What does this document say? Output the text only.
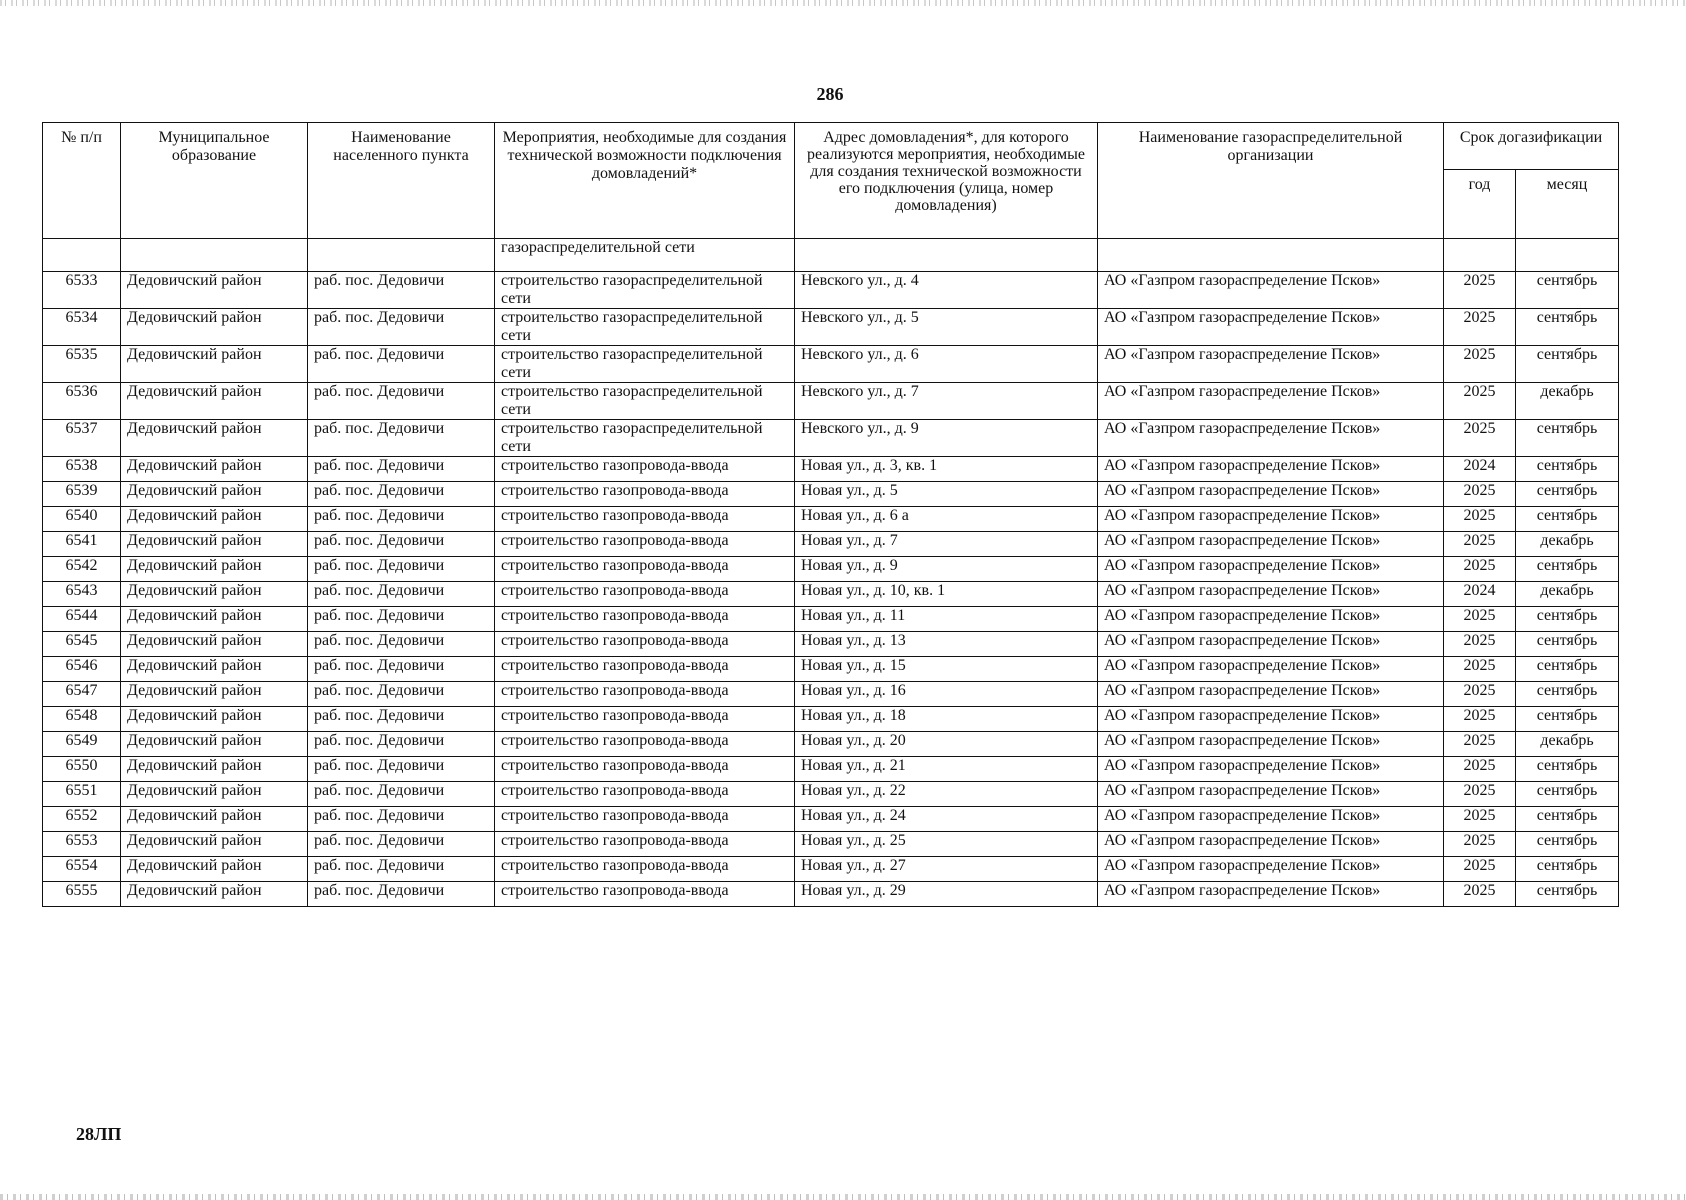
286
№ п/п	Муниципальное образование	Наименование населенного пункта	Мероприятия, необходимые для создания технической возможности подключения домовладений*	Адрес домовладения*, для которого реализуются мероприятия, необходимые для создания технической возможности его подключения (улица, номер домовладения)	Наименование газораспределительной организации	Срок догазификации	
						год	месяц
			газораспределительной сети				
6533	Дедовичский район	раб. пос. Дедовичи	строительство газораспределительной сети	Невского ул., д. 4	АО «Газпром газораспределение Псков»	2025	сентябрь
6534	Дедовичский район	раб. пос. Дедовичи	строительство газораспределительной сети	Невского ул., д. 5	АО «Газпром газораспределение Псков»	2025	сентябрь
6535	Дедовичский район	раб. пос. Дедовичи	строительство газораспределительной сети	Невского ул., д. 6	АО «Газпром газораспределение Псков»	2025	сентябрь
6536	Дедовичский район	раб. пос. Дедовичи	строительство газораспределительной сети	Невского ул., д. 7	АО «Газпром газораспределение Псков»	2025	декабрь
6537	Дедовичский район	раб. пос. Дедовичи	строительство газораспределительной сети	Невского ул., д. 9	АО «Газпром газораспределение Псков»	2025	сентябрь
6538	Дедовичский район	раб. пос. Дедовичи	строительство газопровода-ввода	Новая ул., д. 3, кв. 1	АО «Газпром газораспределение Псков»	2024	сентябрь
6539	Дедовичский район	раб. пос. Дедовичи	строительство газопровода-ввода	Новая ул., д. 5	АО «Газпром газораспределение Псков»	2025	сентябрь
6540	Дедовичский район	раб. пос. Дедовичи	строительство газопровода-ввода	Новая ул., д. 6 а	АО «Газпром газораспределение Псков»	2025	сентябрь
6541	Дедовичский район	раб. пос. Дедовичи	строительство газопровода-ввода	Новая ул., д. 7	АО «Газпром газораспределение Псков»	2025	декабрь
6542	Дедовичский район	раб. пос. Дедовичи	строительство газопровода-ввода	Новая ул., д. 9	АО «Газпром газораспределение Псков»	2025	сентябрь
6543	Дедовичский район	раб. пос. Дедовичи	строительство газопровода-ввода	Новая ул., д. 10, кв. 1	АО «Газпром газораспределение Псков»	2024	декабрь
6544	Дедовичский район	раб. пос. Дедовичи	строительство газопровода-ввода	Новая ул., д. 11	АО «Газпром газораспределение Псков»	2025	сентябрь
6545	Дедовичский район	раб. пос. Дедовичи	строительство газопровода-ввода	Новая ул., д. 13	АО «Газпром газораспределение Псков»	2025	сентябрь
6546	Дедовичский район	раб. пос. Дедовичи	строительство газопровода-ввода	Новая ул., д. 15	АО «Газпром газораспределение Псков»	2025	сентябрь
6547	Дедовичский район	раб. пос. Дедовичи	строительство газопровода-ввода	Новая ул., д. 16	АО «Газпром газораспределение Псков»	2025	сентябрь
6548	Дедовичский район	раб. пос. Дедовичи	строительство газопровода-ввода	Новая ул., д. 18	АО «Газпром газораспределение Псков»	2025	сентябрь
6549	Дедовичский район	раб. пос. Дедовичи	строительство газопровода-ввода	Новая ул., д. 20	АО «Газпром газораспределение Псков»	2025	декабрь
6550	Дедовичский район	раб. пос. Дедовичи	строительство газопровода-ввода	Новая ул., д. 21	АО «Газпром газораспределение Псков»	2025	сентябрь
6551	Дедовичский район	раб. пос. Дедовичи	строительство газопровода-ввода	Новая ул., д. 22	АО «Газпром газораспределение Псков»	2025	сентябрь
6552	Дедовичский район	раб. пос. Дедовичи	строительство газопровода-ввода	Новая ул., д. 24	АО «Газпром газораспределение Псков»	2025	сентябрь
6553	Дедовичский район	раб. пос. Дедовичи	строительство газопровода-ввода	Новая ул., д. 25	АО «Газпром газораспределение Псков»	2025	сентябрь
6554	Дедовичский район	раб. пос. Дедовичи	строительство газопровода-ввода	Новая ул., д. 27	АО «Газпром газораспределение Псков»	2025	сентябрь
6555	Дедовичский район	раб. пос. Дедовичи	строительство газопровода-ввода	Новая ул., д. 29	АО «Газпром газораспределение Псков»	2025	сентябрь
28ЛП
